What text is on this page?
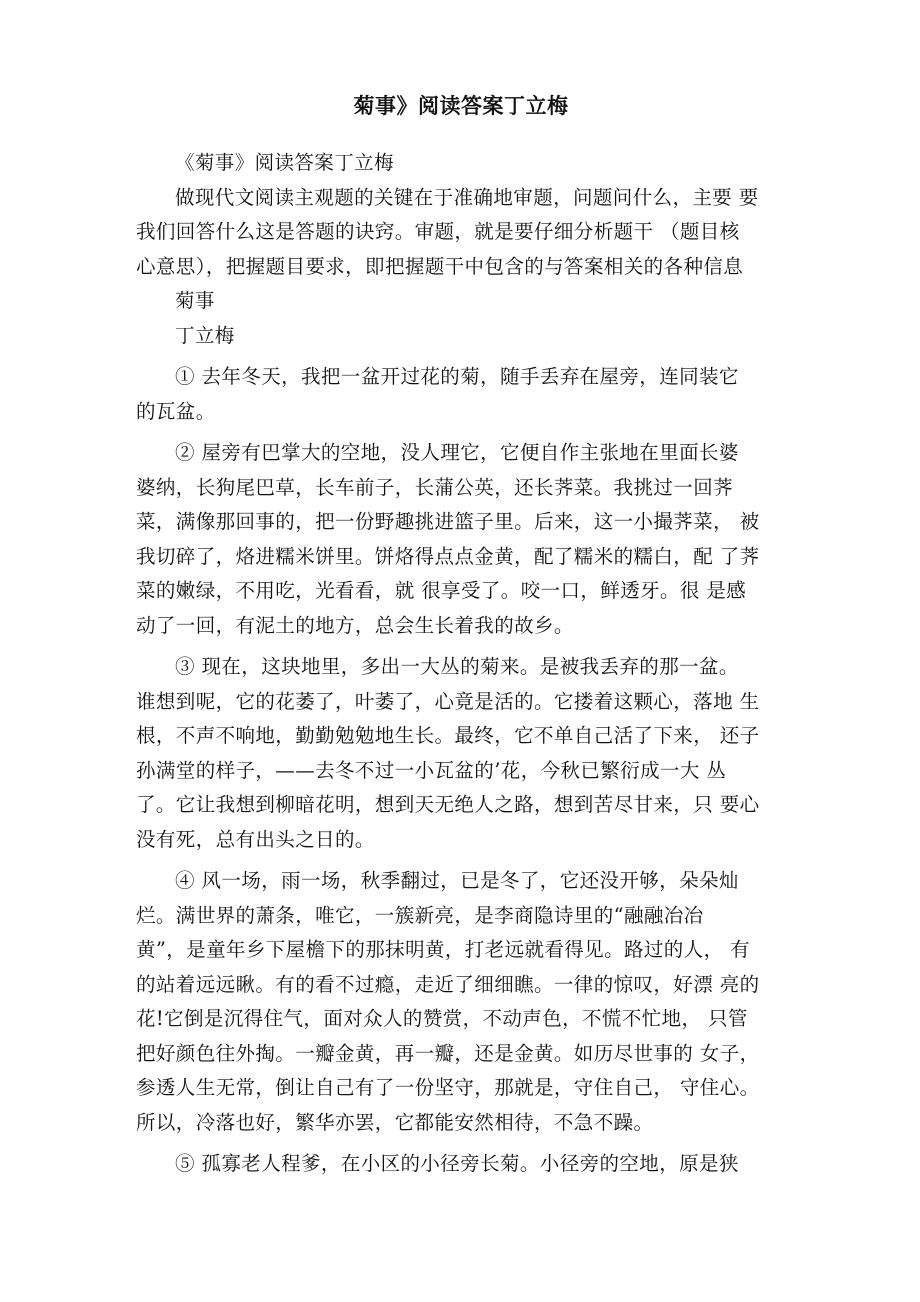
菊事》阅读答案丁立梅

《菊事》阅读答案丁立梅

做现代文阅读主观题的关键在于准确地审题，问题问什么，主要 要
我们回答什么这是答题的诀窍。审题，就是要仔细分析题干 （题目核
心意思），把握题目要求，即把握题干中包含的与答案相关的各种信息

菊事

丁立梅

① 去年冬天，我把一盆开过花的菊，随手丢弃在屋旁，连同装它
的瓦盆。

② 屋旁有巴掌大的空地，没人理它，它便自作主张地在里面长婆
婆纳，长狗尾巴草，长车前子，长蒲公英，还长荠菜。我挑过一回荠
菜，满像那回事的，把一份野趣挑进篮子里。后来，这一小撮荠菜， 被
我切碎了，烙进糯米饼里。饼烙得点点金黄，配了糯米的糯白，配 了荠
菜的嫩绿，不用吃，光看看，就 很享受了。咬一口，鲜透牙。很 是感
动了一回，有泥土的地方，总会生长着我的故乡。

③ 现在，这块地里，多出一大丛的菊来。是被我丢弃的那一盆。
谁想到呢，它的花萎了，叶萎了，心竟是活的。它搂着这颗心，落地 生
根，不声不响地，勤勤勉勉地生长。最终，它不单自己活了下来， 还子
孙满堂的样子，——去冬不过一小瓦盆的’花，今秋已繁衍成一大 丛
了。它让我想到柳暗花明，想到天无绝人之路，想到苦尽甘来，只 要心
没有死，总有出头之日的。

④ 风一场，雨一场，秋季翻过，已是冬了，它还没开够，朵朵灿
烂。满世界的萧条，唯它，一簇新亮，是李商隐诗里的“融融冶冶
黄”，是童年乡下屋檐下的那抹明黄，打老远就看得见。路过的人， 有
的站着远远瞅。有的看不过瘾，走近了细细瞧。一律的惊叹，好漂 亮的
花!它倒是沉得住气，面对众人的赞赏，不动声色，不慌不忙地， 只管
把好颜色往外掏。一瓣金黄，再一瓣，还是金黄。如历尽世事的 女子，
参透人生无常，倒让自己有了一份坚守，那就是，守住自己， 守住心。
所以，冷落也好，繁华亦罢，它都能安然相待，不急不躁。

⑤ 孤寡老人程爹，在小区的小径旁长菊。小径旁的空地，原是狭
